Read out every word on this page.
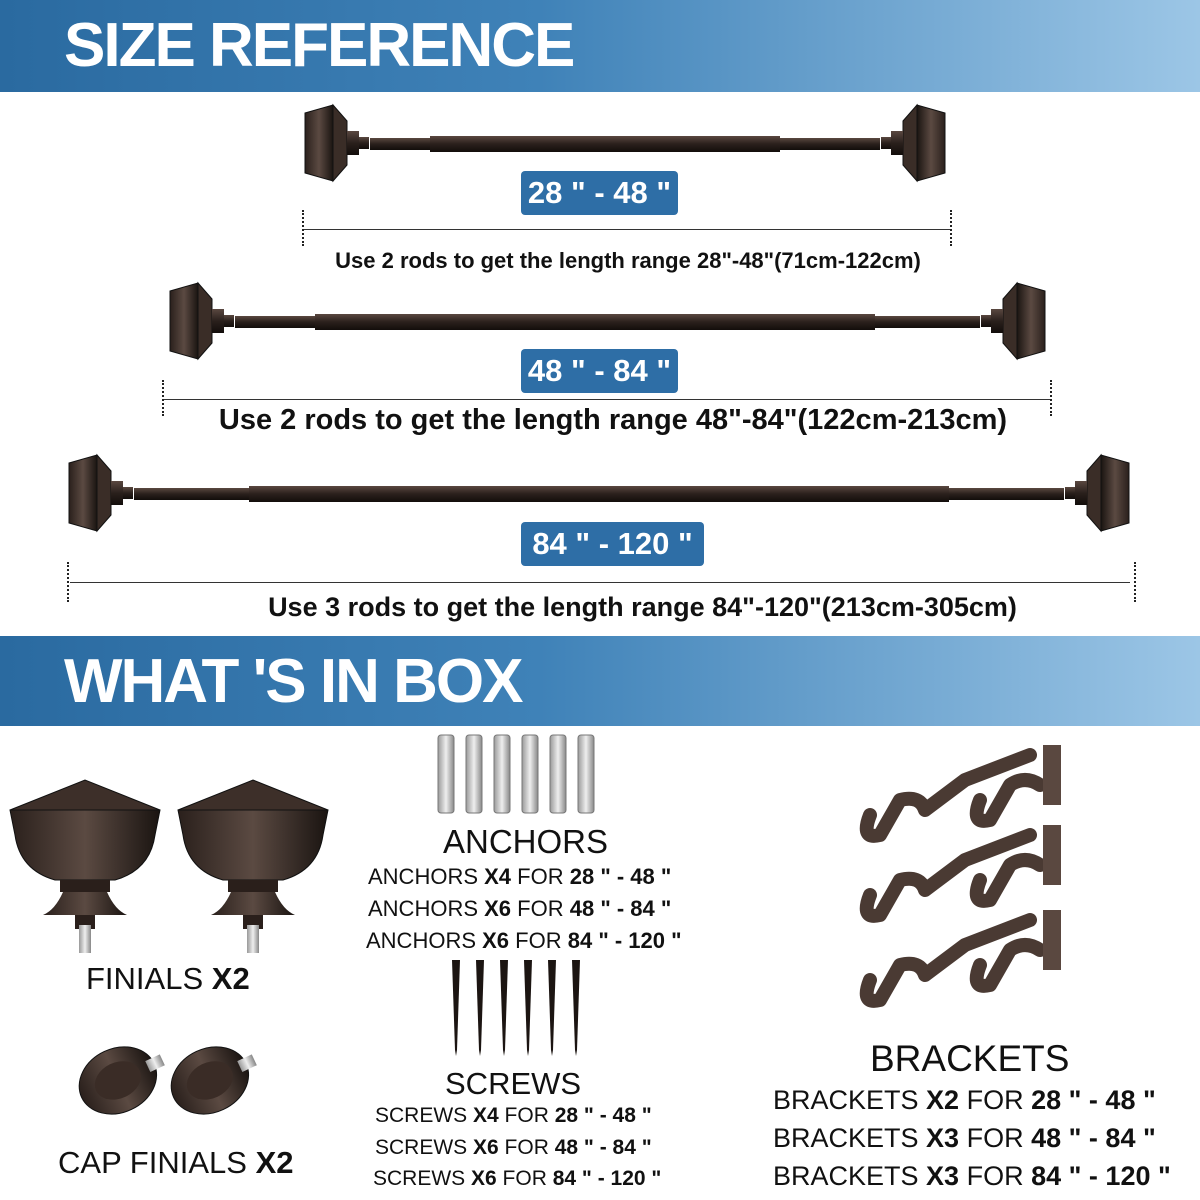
SIZE REFERENCE
28 " - 48 "
Use 2 rods to get the length range 28"-48"(71cm-122cm)
48 " - 84 "
Use 2 rods to get the length range 48"-84"(122cm-213cm)
84 " - 120 "
Use 3 rods to get the length range 84"-120"(213cm-305cm)
WHAT 'S IN BOX
FINIALS X2
CAP FINIALS X2
ANCHORS
ANCHORS X4 FOR 28 " - 48 "
ANCHORS X6 FOR 48 " - 84 "
ANCHORS X6 FOR 84 " - 120 "
SCREWS
SCREWS X4 FOR 28 " - 48 "
SCREWS X6 FOR 48 " - 84 "
SCREWS X6 FOR 84 " - 120 "
BRACKETS
BRACKETS X2 FOR 28 " - 48 "
BRACKETS X3 FOR 48 " - 84 "
BRACKETS X3 FOR 84 " - 120 "
